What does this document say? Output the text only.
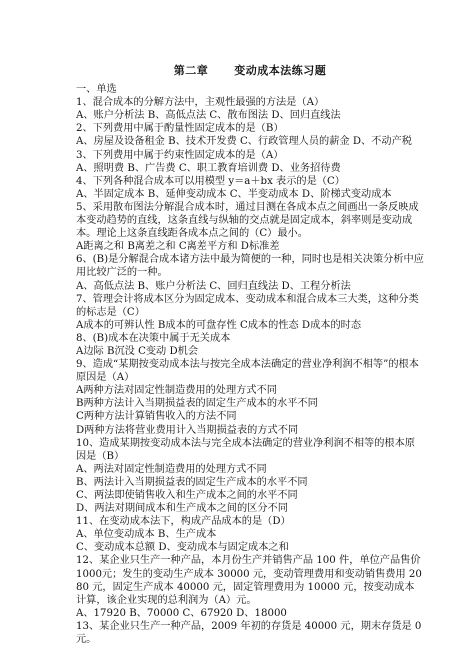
第二章 变动成本法练习题
一、单选
1、混合成本的分解方法中，主观性最强的方法是（A）
A、账户分析法 B、高低点法 C、散布图法 D、回归直线法
2、下列费用中属于酌量性固定成本的是（B）
A、房屋及设备租金 B、技术开发费 C、行政管理人员的薪金 D、不动产税
3、下列费用中属于约束性固定成本的是（A）
A、照明费 B、广告费 C、职工教育培训费 D、业务招待费
4、下列各种混合成本可以用模型 y＝a＋bx 表示的是（C）
A、半固定成本 B、延伸变动成本 C、半变动成本 D、阶梯式变动成本
5、采用散布图法分解混合成本时，通过目测在各成本点之间画出一条反映成本变动趋势的直线，这条直线与纵轴的交点就是固定成本，斜率则是变动成本。理论上这条直线距各成本点之间的（C）最小。
A距离之和 B离差之和 C离差平方和 D标准差
6、(B)是分解混合成本诸方法中最为简便的一种，同时也是相关决策分析中应用比较广泛的一种。
A、高低点法 B、账户分析法 C、回归直线法 D、工程分析法
7、管理会计将成本区分为固定成本、变动成本和混合成本三大类，这种分类的标志是（C）
A成本的可辨认性 B成本的可盘存性 C成本的性态 D成本的时态
8、(B)成本在决策中属于无关成本
A边际 B沉没 C变动 D机会
9、造成“某期按变动成本法与按完全成本法确定的营业净利润不相等”的根本原因是（A）
A两种方法对固定性制造费用的处理方式不同
B两种方法计入当期损益表的固定生产成本的水平不同
C两种方法计算销售收入的方法不同
D两种方法将营业费用计入当期损益表的方式不同
10、造成某期按变动成本法与完全成本法确定的营业净利润不相等的根本原因是（B）
A、两法对固定性制造费用的处理方式不同
B、两法计入当期损益表的固定生产成本的水平不同
C、两法即使销售收入和生产成本之间的水平不同
D、两法对期间成本和生产成本之间的区分不同
11、在变动成本法下，构成产品成本的是（D）
A、单位变动成本 B、生产成本
C、变动成本总额 D、变动成本与固定成本之和
12、某企业只生产一种产品，本月份生产并销售产品 100 件，单位产品售价 1000元；发生的变动生产成本 30000 元，变动管理费用和变动销售费用 2080 元，固定生产成本 40000 元，固定管理费用为 10000 元，按变动成本计算，该企业实现的总利润为（A）元。
A、17920 B、70000 C、67920 D、18000
13、某企业只生产一种产品，2009 年初的存货是 40000 元，期末存货是 0 元。
